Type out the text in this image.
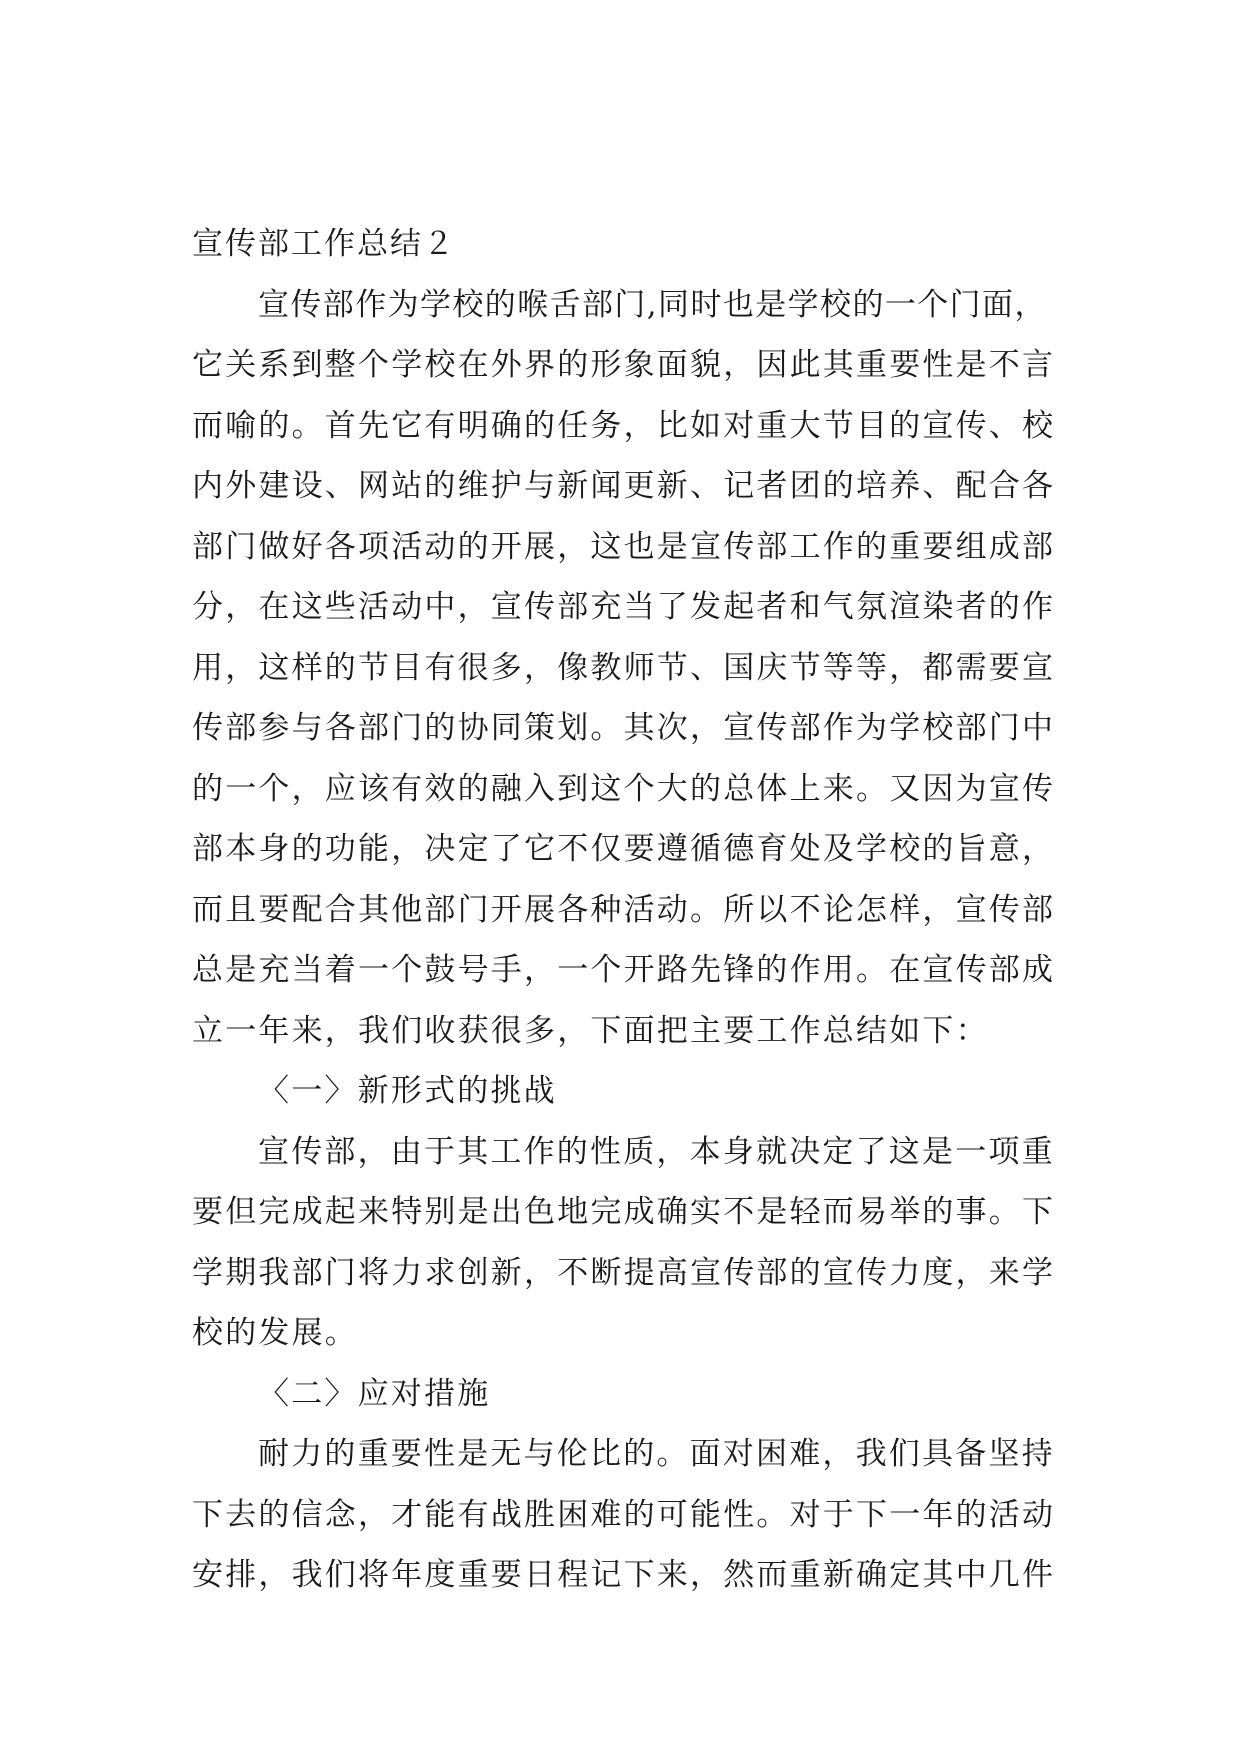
宣传部工作总结２
宣传部作为学校的喉舌部门,同时也是学校的一个门面，
它关系到整个学校在外界的形象面貌，因此其重要性是不言
而喻的。首先它有明确的任务，比如对重大节目的宣传、校
内外建设、网站的维护与新闻更新、记者团的培养、配合各
部门做好各项活动的开展，这也是宣传部工作的重要组成部
分，在这些活动中，宣传部充当了发起者和气氛渲染者的作
用，这样的节目有很多，像教师节、国庆节等等，都需要宣
传部参与各部门的协同策划。其次，宣传部作为学校部门中
的一个，应该有效的融入到这个大的总体上来。又因为宣传
部本身的功能，决定了它不仅要遵循德育处及学校的旨意，
而且要配合其他部门开展各种活动。所以不论怎样，宣传部
总是充当着一个鼓号手，一个开路先锋的作用。在宣传部成
立一年来，我们收获很多，下面把主要工作总结如下：
〈一〉新形式的挑战
宣传部，由于其工作的性质，本身就决定了这是一项重
要但完成起来特别是出色地完成确实不是轻而易举的事。下
学期我部门将力求创新，不断提高宣传部的宣传力度，来学
校的发展。
〈二〉应对措施
耐力的重要性是无与伦比的。面对困难，我们具备坚持
下去的信念，才能有战胜困难的可能性。对于下一年的活动
安排，我们将年度重要日程记下来，然而重新确定其中几件
